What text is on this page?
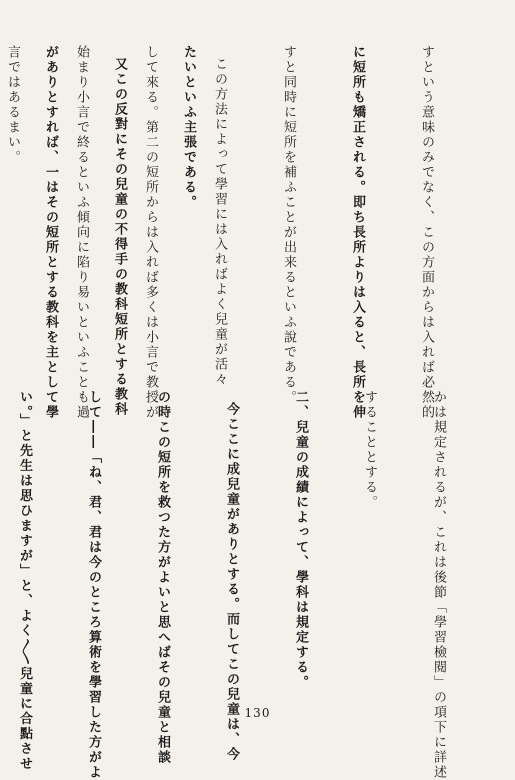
すという意味のみでなく、この方面からは入れば必然的

に短所も矯正される。即ち長所よりは入ると、長所を伸

すと同時に短所を補ふことが出来るといふ說である。

この方法によって學習には入ればよく兒童が活々

して來る。第二の短所からは入れば多くは小言で教授が

始まり小言で終るといふ傾向に陷り易いといふことも過

言ではあるまい。

	たいといふ主張である。

又この反對にその兒童の不得手の教科短所とする教科

がありとすれば、一はその短所とする教科を主として學

かは規定されるが、これは後節「學習檢閱」の項下に詳述

することとする。

二、兒童の成績によって、學科は規定する。

今ここに成兒童がありとする。而してこの兒童は、今

の時この短所を救つた方がよいと思へばその兒童と相談

して――「ね、君、君は今のところ算術を學習した方がよ

い。」と先生は思ひますが」と、よく〳〵兒童に合點させ

	130
